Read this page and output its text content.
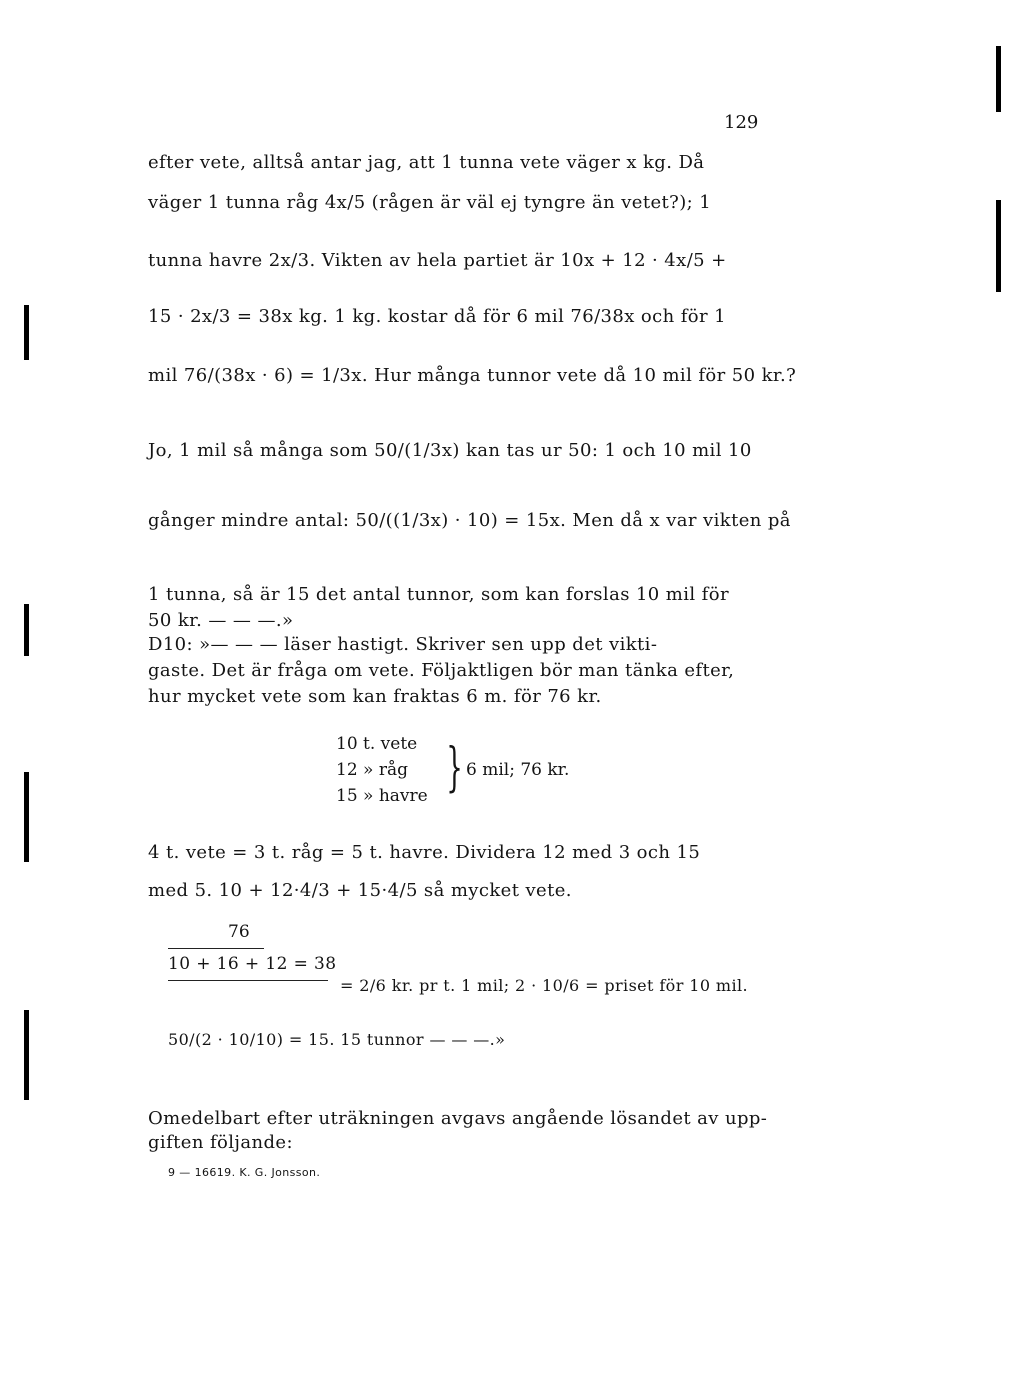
129
efter vete, alltså antar jag, att 1 tunna vete väger x kg. Då
väger 1 tunna råg 4x/5 (rågen är väl ej tyngre än vetet?); 1
tunna havre 2x/3. Vikten av hela partiet är 10x + 12 · 4x/5 +
15 · 2x/3 = 38x kg. 1 kg. kostar då för 6 mil 76/38x och för 1
mil 76/(38x · 6) = 1/3x. Hur många tunnor vete då 10 mil för 50 kr.?
Jo, 1 mil så många som 50/(1/3x) kan tas ur 50: 1 och 10 mil 10
gånger mindre antal: 50/((1/3x) · 10) = 15x. Men då x var vikten på
1 tunna, så är 15 det antal tunnor, som kan forslas 10 mil för
50 kr. — — —.»
D10: »— — — läser hastigt. Skriver sen upp det vikti-
gaste. Det är fråga om vete. Följaktligen bör man tänka efter,
hur mycket vete som kan fraktas 6 m. för 76 kr.
10 t. vete
12 » råg
15 » havre } 6 mil; 76 kr.
4 t. vete = 3 t. råg = 5 t. havre. Dividera 12 med 3 och 15
med 5. 10 + 12·4/3 + 15·4/5 så mycket vete.
76
10 + 16 + 12 = 38
= 2/6 kr. pr t. 1 mil; 2 · 10/6 = priset för 10 mil.
50/(2 · 10/10) = 15. 15 tunnor — — —.»
Omedelbart efter uträkningen avgavs angående lösandet av upp-
giften följande:
9 — 16619. K. G. Jonsson.
